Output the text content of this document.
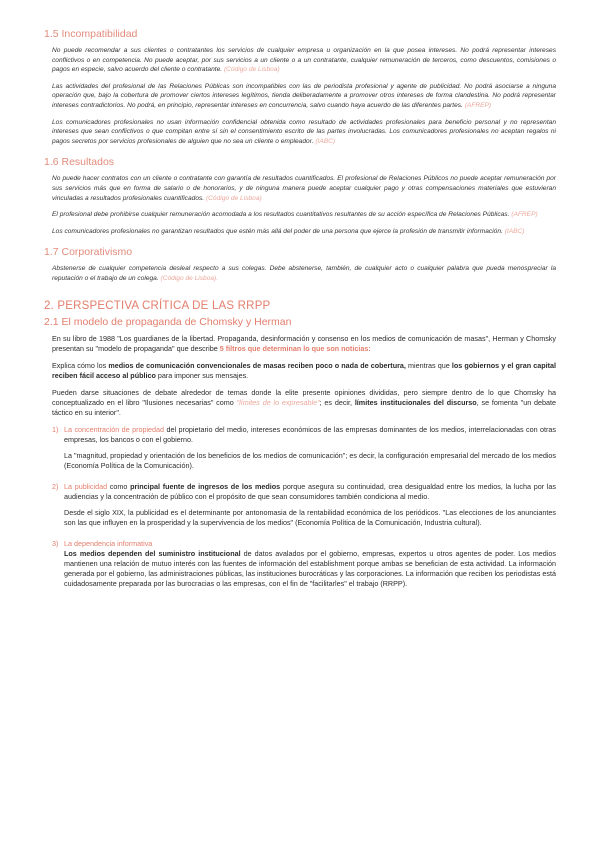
1.5 Incompatibilidad

No puede recomendar a sus clientes o contratantes los servicios de cualquier empresa u organización en la que posea intereses. No podrá representar intereses conflictivos o en competencia. No puede aceptar, por sus servicios a un cliente o a un contratante, cualquier remuneración de terceros, como descuentos, comisiones o pagos en especie, salvo acuerdo del cliente o contratante. (Código de Lisboa)

Las actividades del profesional de las Relaciones Públicas son incompatibles con las de periodista profesional y agente de publicidad. No podrá asociarse a ninguna operación que, bajo la cobertura de promover ciertos intereses legítimos, tienda deliberadamente a promover otros intereses de forma clandestina. No podrá representar intereses contradictorios. No podrá, en principio, representar intereses en concurrencia, salvo cuando haya acuerdo de las diferentes partes. (AFREP)

Los comunicadores profesionales no usan información confidencial obtenida como resultado de actividades profesionales para beneficio personal y no representan intereses que sean conflictivos o que compitan entre sí sin el consentimiento escrito de las partes involucradas. Los comunicadores profesionales no aceptan regalos ni pagos secretos por servicios profesionales de alguien que no sea un cliente o empleador. (IABC)

1.6 Resultados

No puede hacer contratos con un cliente o contratante con garantía de resultados cuantificados. El profesional de Relaciones Públicos no puede aceptar remuneración por sus servicios más que en forma de salario o de honorarios, y de ninguna manera puede aceptar cualquier pago y otras compensaciones materiales que estuvieran vinculadas a resultados profesionales cuantificados. (Código de Lisboa)

El profesional debe prohibirse cualquier remuneración acomodada a los resultados cuantitativos resultantes de su acción específica de Relaciones Públicas. (AFREP)

Los comunicadores profesionales no garantizan resultados que estén más allá del poder de una persona que ejerce la profesión de transmitir información. (IABC)

1.7 Corporativismo

Abstenerse de cualquier competencia desleal respecto a sus colegas. Debe abstenerse, también, de cualquier acto o cualquier palabra que pueda menospreciar la reputación o el trabajo de un colega. (Código de Lisboa).

2. PERSPECTIVA CRÍTICA DE LAS RRPP
2.1 El modelo de propaganda de Chomsky y Herman

En su libro de 1988 "Los guardianes de la libertad. Propaganda, desinformación y consenso en los medios de comunicación de masas", Herman y Chomsky presentan su "modelo de propaganda" que describe 5 filtros que determinan lo que son noticias:

Explica cómo los medios de comunicación convencionales de masas reciben poco o nada de cobertura, mientras que los gobiernos y el gran capital reciben fácil acceso al público para imponer sus mensajes.

Pueden darse situaciones de debate alrededor de temas donde la elite presente opiniones divididas, pero siempre dentro de lo que Chomsky ha conceptualizado en el libro "Ilusiones necesarias" como "límites de lo expresable"; es decir, límites institucionales del discurso, se fomenta "un debate táctico en su interior".

1) La concentración de propiedad del propietario del medio, intereses económicos de las empresas dominantes de los medios, interrelacionadas con otras empresas, los bancos o con el gobierno.

La "magnitud, propiedad y orientación de los beneficios de los medios de comunicación"; es decir, la configuración empresarial del mercado de los medios (Economía Política de la Comunicación).

2) La publicidad como principal fuente de ingresos de los medios porque asegura su continuidad, crea desigualdad entre los medios, la lucha por las audiencias y la concentración de público con el propósito de que sean consumidores también condiciona al medio.

Desde el siglo XIX, la publicidad es el determinante por antonomasia de la rentabilidad económica de los periódicos. "Las elecciones de los anunciantes son las que influyen en la prosperidad y la supervivencia de los medios" (Economía Política de la Comunicación, Industria cultural).

3) La dependencia informativa

Los medios dependen del suministro institucional de datos avalados por el gobierno, empresas, expertos u otros agentes de poder. Los medios mantienen una relación de mutuo interés con las fuentes de información del establishment porque ambas se benefician de esta actividad. La información generada por el gobierno, las administraciones públicas, las instituciones burocráticas y las corporaciones. La información que reciben los periodistas está cuidadosamente preparada por las burocracias o las empresas, con el fin de "facilitarles" el trabajo (RRPP).
